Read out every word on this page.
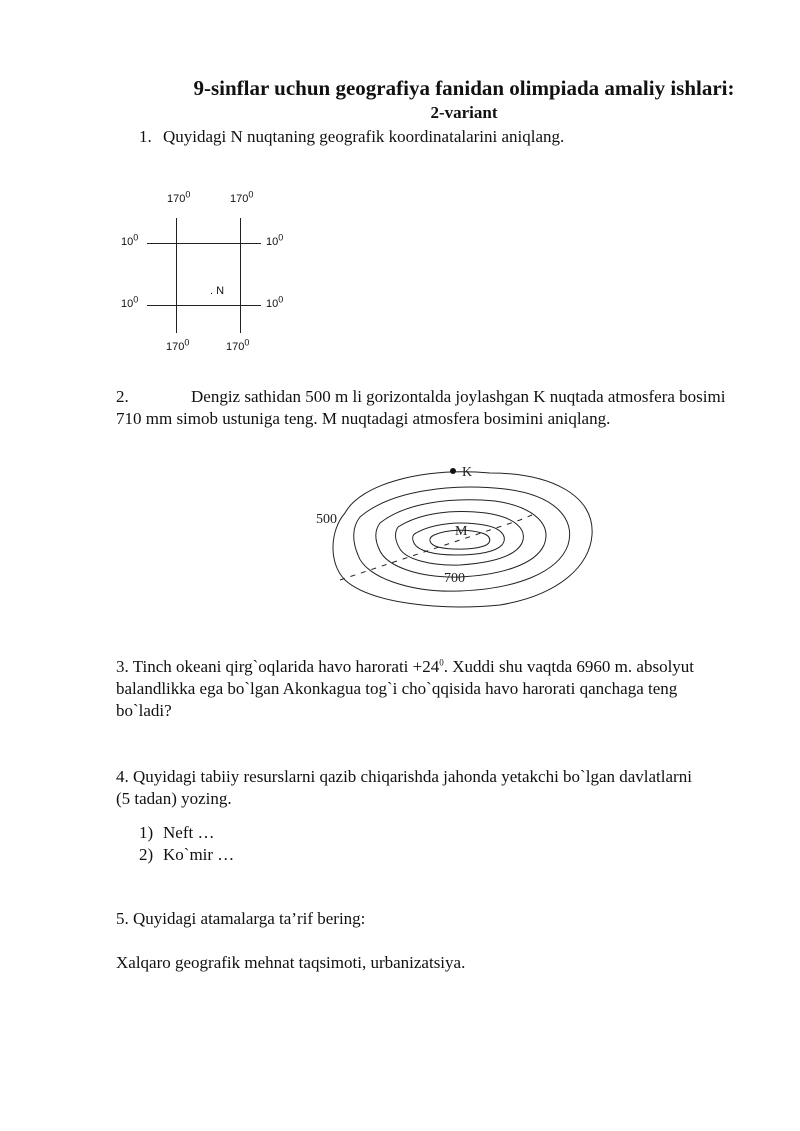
9-sinflar uchun geografiya fanidan olimpiada amaliy ishlari:
2-variant
1. Quyidagi N nuqtaning geografik koordinatalarini aniqlang.
$170^0$	$170^0$
$170^0$	$170^0$
$10^0$
$10^0$
$10^0$
$10^0$
. N
2.	Dengiz sathidan 500 m li gorizontalda joylashgan K nuqtada atmosfera bosimi
710 mm simob ustuniga teng. M nuqtadagi atmosfera bosimini aniqlang.
K
M
500
700
3. Tinch okeani qirg`oqlarida havo harorati $+24^0$. Xuddi shu vaqtda 6960 m. absolyut
balandlikka ega bo`lgan Akonkagua tog`i cho`qqisida havo harorati qanchaga teng
bo`ladi?
4. Quyidagi tabiiy resurslarni qazib chiqarishda jahonda yetakchi bo`lgan davlatlarni
(5 tadan) yozing.
1) Neft …
2) Ko`mir …
5. Quyidagi atamalarga ta’rif bering:
Xalqaro geografik mehnat taqsimoti, urbanizatsiya.
